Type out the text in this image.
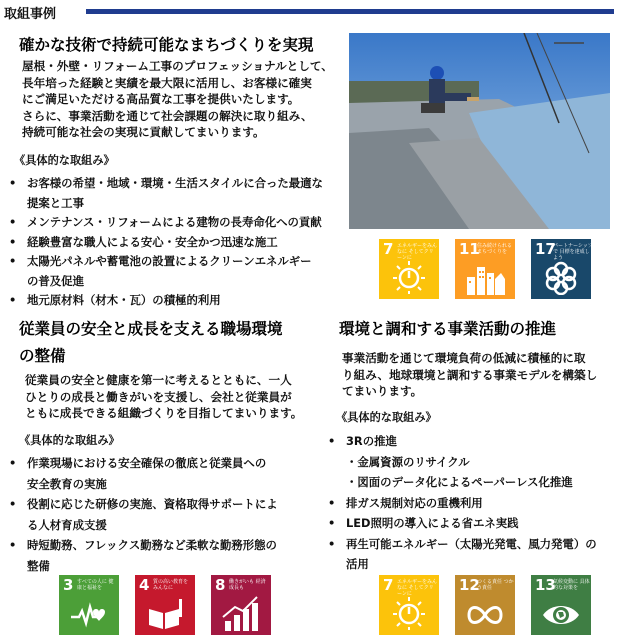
取組事例
確かな技術で持続可能なまちづくりを実現

屋根・外壁・リフォーム工事のプロフェッショナルとして、

長年培った経験と実績を最大限に活用し、お客様に確実

にご満足いただける高品質な工事を提供いたします。

さらに、事業活動を通じて社会課題の解決に取り組み、

持続可能な社会の実現に貢献してまいります。

《具体的な取組み》
• お客様の希望・地域・環境・生活スタイルに合った最適な
提案と工事
• メンテナンス・リフォームによる建物の長寿命化への貢献
• 経験豊富な職人による安心・安全かつ迅速な施工
• 太陽光パネルや蓄電池の設置によるクリーンエネルギー
の普及促進
• 地元原材料（材木・瓦）の積極的利用
7 エネルギーをみんなに そしてクリーンに	11
住み続けられる まちづくりを	17
パートナーシップで 目標を達成しよう
従業員の安全と成長を支える職場環境
の整備

従業員の安全と健康を第一に考えるとともに、一人

ひとりの成長と働きがいを支援し、会社と従業員が

ともに成長できる組織づくりを目指してまいります。

《具体的な取組み》
• 作業現場における安全確保の徹底と従業員への
安全教育の実施
• 役割に応じた研修の実施、資格取得サポートによ
る人材育成支援
• 時短勤務、フレックス勤務など柔軟な勤務形態の
整備
3 すべての人に 健康と福祉を	4 質の高い教育を みんなに	8 働きがいも 経済成長も
環境と調和する事業活動の推進

事業活動を通じて環境負荷の低減に積極的に取

り組み、地球環境と調和する事業モデルを構築し

てまいります。

《具体的な取組み》
• 3Rの推進
・金属資源のリサイクル
・図面のデータ化によるペーパーレス化推進
• 排ガス規制対応の重機利用
• LED照明の導入による省エネ実践
• 再生可能エネルギー（太陽光発電、風力発電）の
活用
7 エネルギーをみんなに そしてクリーンに	12
つくる責任 つかう責任	13
気候変動に 具体的な対策を
